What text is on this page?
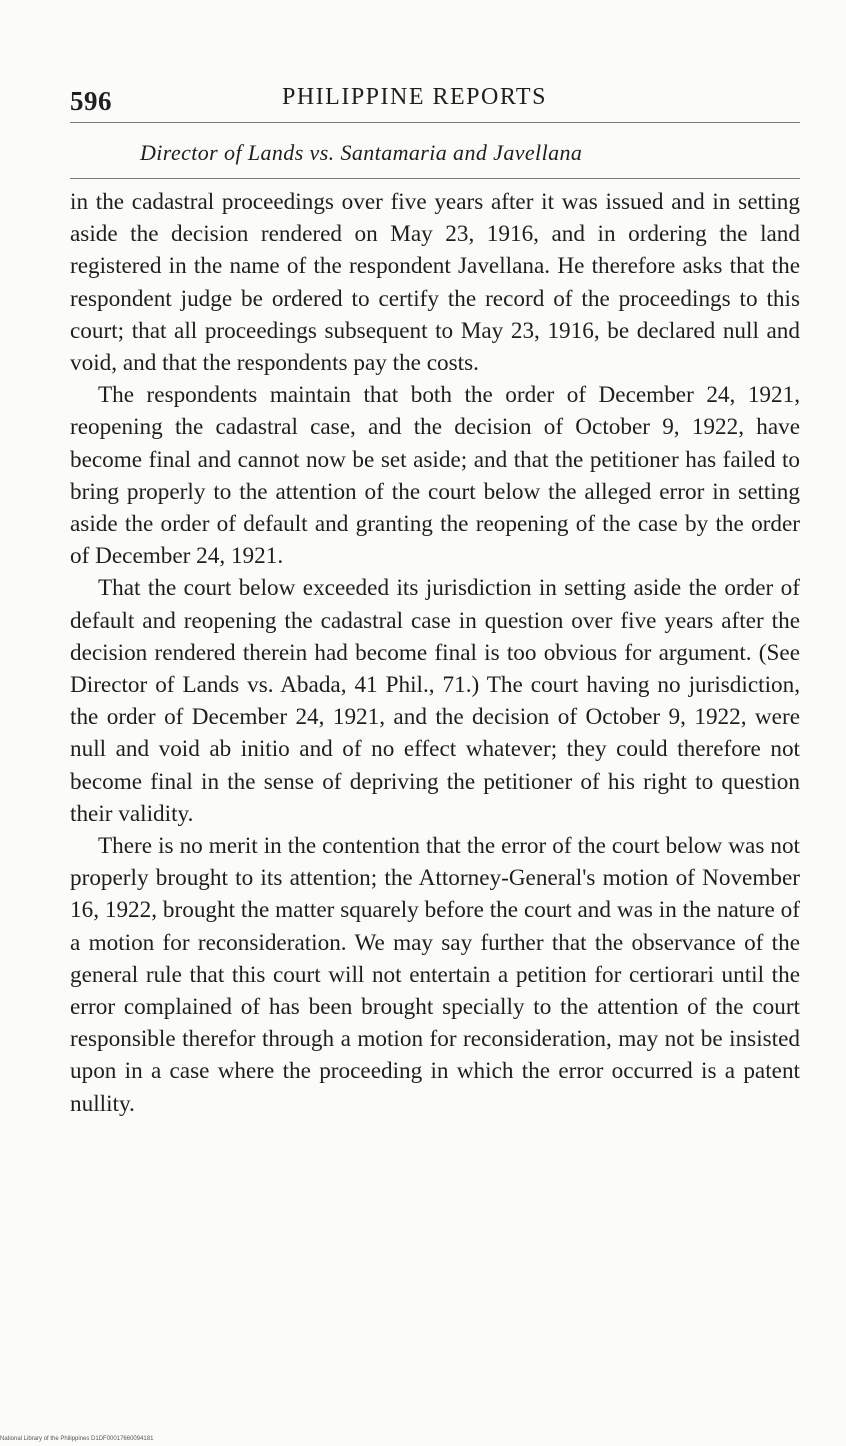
596	PHILIPPINE REPORTS
Director of Lands vs. Santamaria and Javellana

in the cadastral proceedings over five years after it was issued and in setting aside the decision rendered on May 23, 1916, and in ordering the land registered in the name of the respondent Javellana. He therefore asks that the respondent judge be ordered to certify the record of the proceedings to this court; that all proceedings subsequent to May 23, 1916, be declared null and void, and that the respondents pay the costs.

The respondents maintain that both the order of December 24, 1921, reopening the cadastral case, and the decision of October 9, 1922, have become final and cannot now be set aside; and that the petitioner has failed to bring properly to the attention of the court below the alleged error in setting aside the order of default and granting the reopening of the case by the order of December 24, 1921.

That the court below exceeded its jurisdiction in setting aside the order of default and reopening the cadastral case in question over five years after the decision rendered therein had become final is too obvious for argument. (See Director of Lands vs. Abada, 41 Phil., 71.) The court having no jurisdiction, the order of December 24, 1921, and the decision of October 9, 1922, were null and void ab initio and of no effect whatever; they could therefore not become final in the sense of depriving the petitioner of his right to question their validity.

There is no merit in the contention that the error of the court below was not properly brought to its attention; the Attorney-General's motion of November 16, 1922, brought the matter squarely before the court and was in the nature of a motion for reconsideration. We may say further that the observance of the general rule that this court will not entertain a petition for certiorari until the error complained of has been brought specially to the attention of the court responsible therefor through a motion for reconsideration, may not be insisted upon in a case where the proceeding in which the error occurred is a patent nullity.

National Library of the Philippines D1DF00017660094181
